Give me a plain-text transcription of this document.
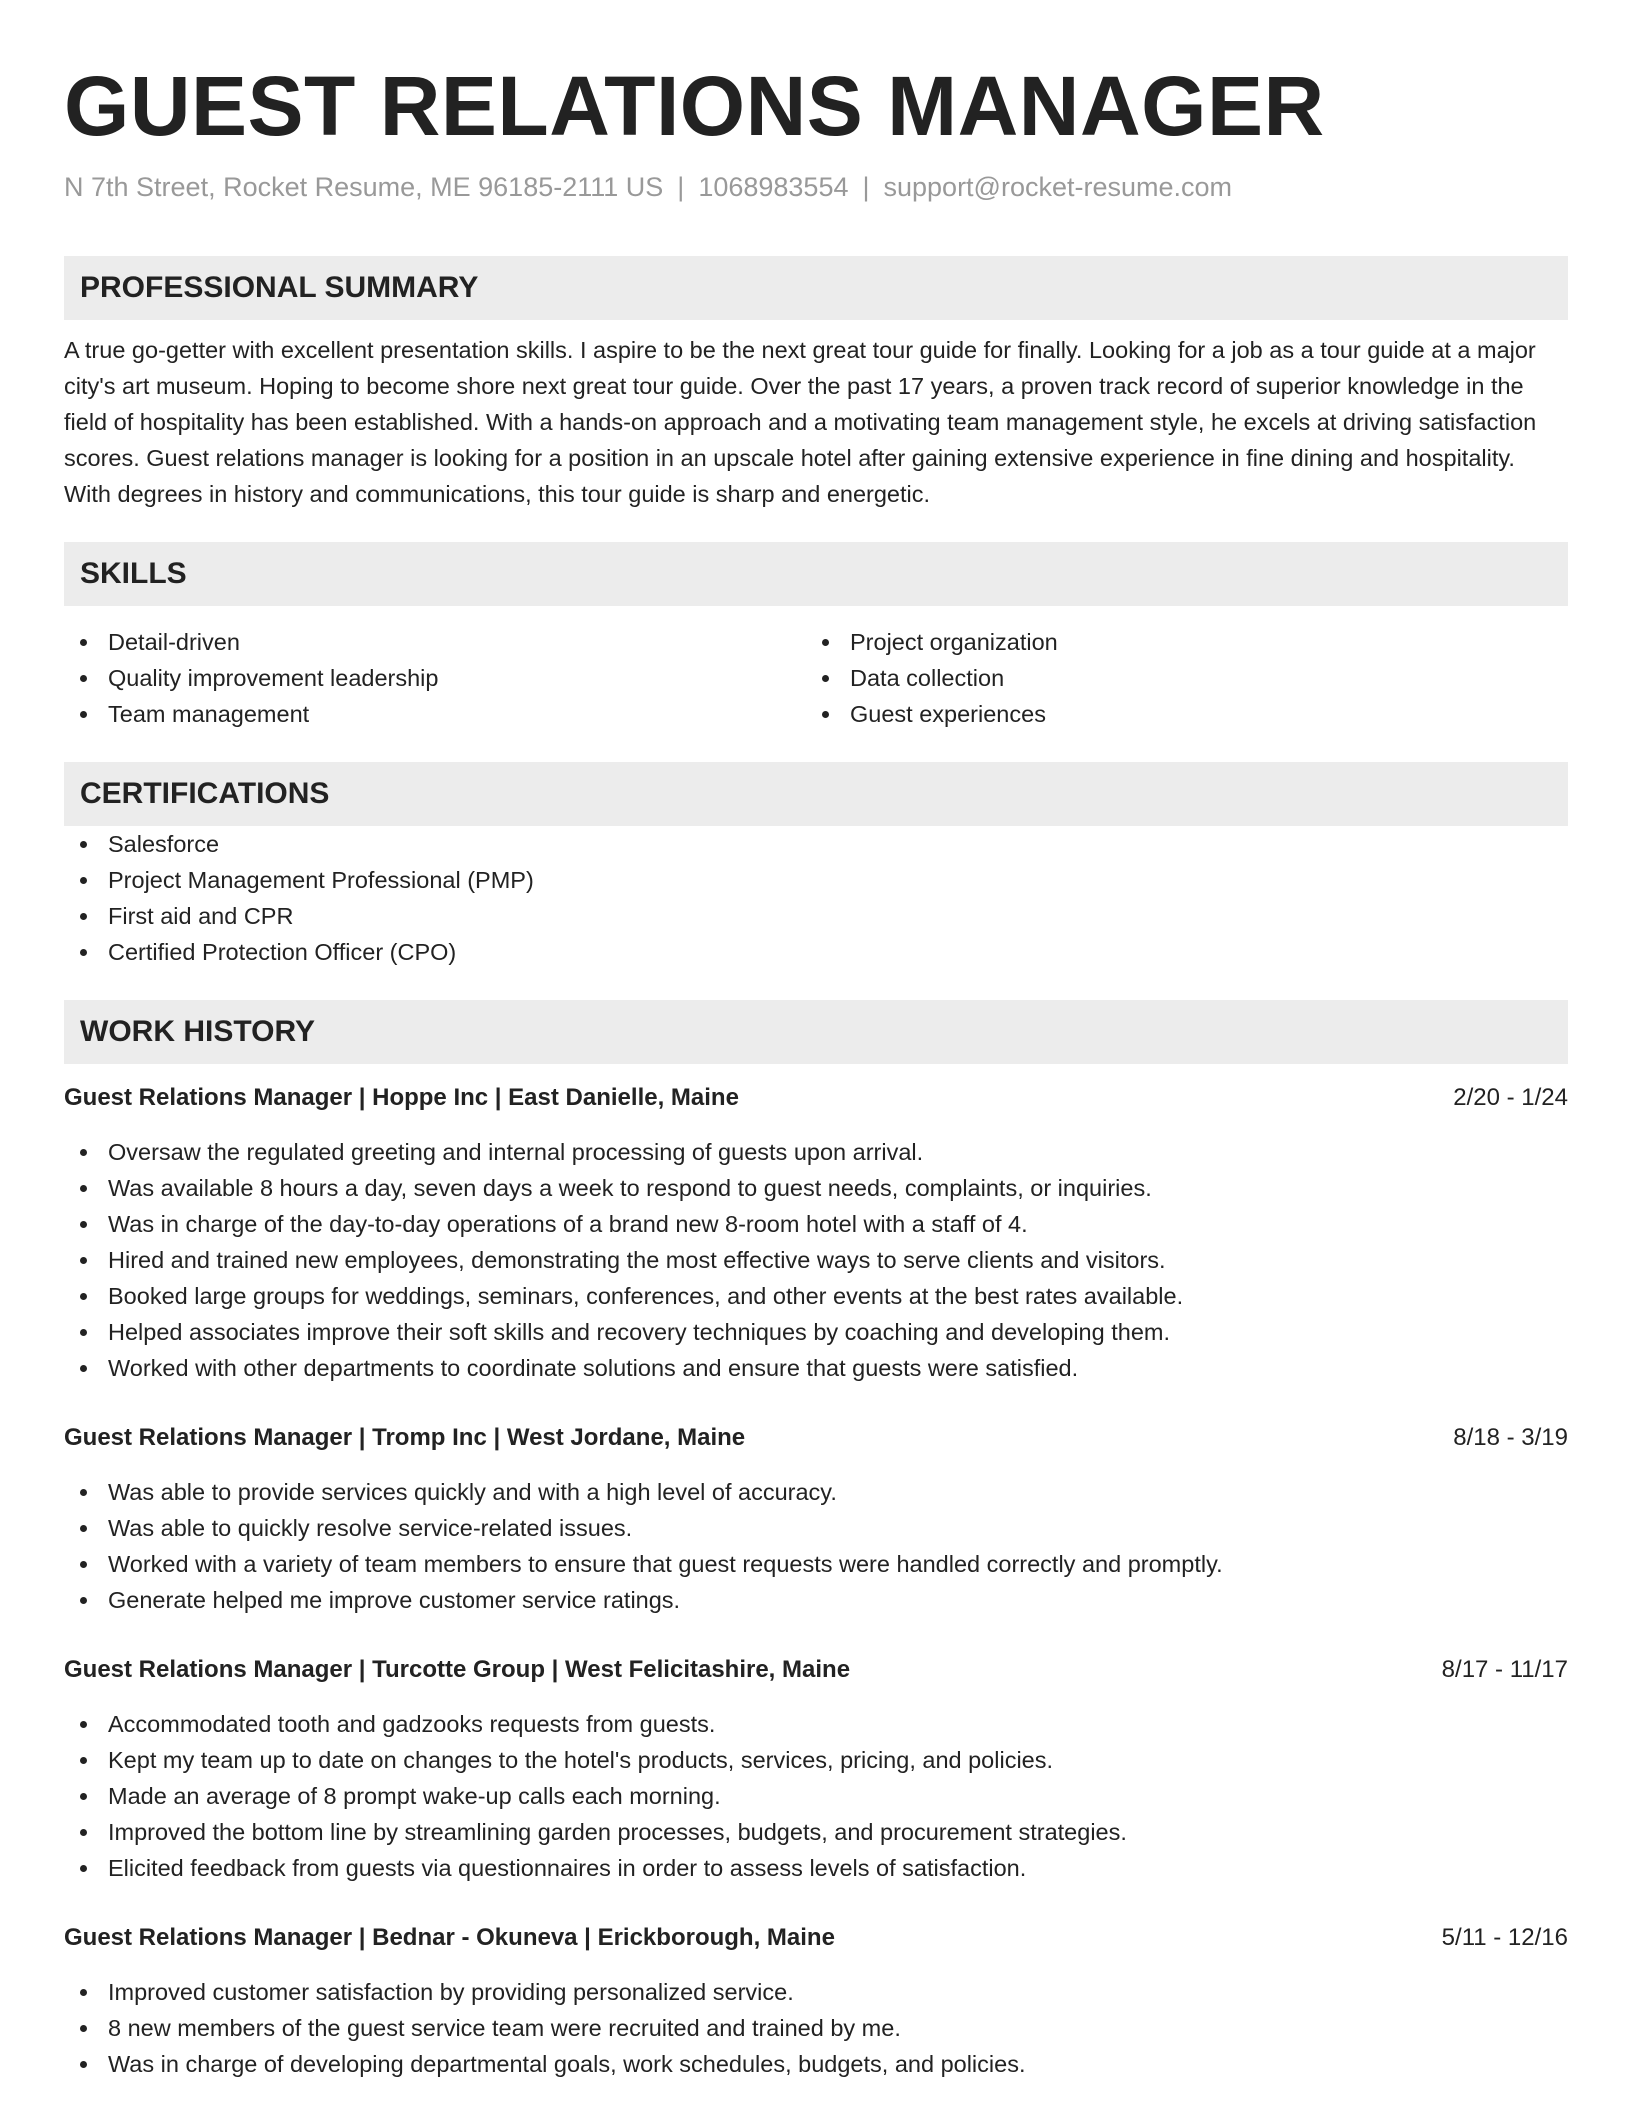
GUEST RELATIONS MANAGER
N 7th Street, Rocket Resume, ME 96185-2111 US | 1068983554 | support@rocket-resume.com
PROFESSIONAL SUMMARY
A true go-getter with excellent presentation skills. I aspire to be the next great tour guide for finally. Looking for a job as a tour guide at a major city's art museum. Hoping to become shore next great tour guide. Over the past 17 years, a proven track record of superior knowledge in the field of hospitality has been established. With a hands-on approach and a motivating team management style, he excels at driving satisfaction scores. Guest relations manager is looking for a position in an upscale hotel after gaining extensive experience in fine dining and hospitality. With degrees in history and communications, this tour guide is sharp and energetic.
SKILLS
Detail-driven
Quality improvement leadership
Team management
Project organization
Data collection
Guest experiences
CERTIFICATIONS
Salesforce
Project Management Professional (PMP)
First aid and CPR
Certified Protection Officer (CPO)
WORK HISTORY
Guest Relations Manager | Hoppe Inc | East Danielle, Maine	2/20 - 1/24
Oversaw the regulated greeting and internal processing of guests upon arrival.
Was available 8 hours a day, seven days a week to respond to guest needs, complaints, or inquiries.
Was in charge of the day-to-day operations of a brand new 8-room hotel with a staff of 4.
Hired and trained new employees, demonstrating the most effective ways to serve clients and visitors.
Booked large groups for weddings, seminars, conferences, and other events at the best rates available.
Helped associates improve their soft skills and recovery techniques by coaching and developing them.
Worked with other departments to coordinate solutions and ensure that guests were satisfied.
Guest Relations Manager | Tromp Inc | West Jordane, Maine	8/18 - 3/19
Was able to provide services quickly and with a high level of accuracy.
Was able to quickly resolve service-related issues.
Worked with a variety of team members to ensure that guest requests were handled correctly and promptly.
Generate helped me improve customer service ratings.
Guest Relations Manager | Turcotte Group | West Felicitashire, Maine	8/17 - 11/17
Accommodated tooth and gadzooks requests from guests.
Kept my team up to date on changes to the hotel's products, services, pricing, and policies.
Made an average of 8 prompt wake-up calls each morning.
Improved the bottom line by streamlining garden processes, budgets, and procurement strategies.
Elicited feedback from guests via questionnaires in order to assess levels of satisfaction.
Guest Relations Manager | Bednar - Okuneva | Erickborough, Maine	5/11 - 12/16
Improved customer satisfaction by providing personalized service.
8 new members of the guest service team were recruited and trained by me.
Was in charge of developing departmental goals, work schedules, budgets, and policies.
